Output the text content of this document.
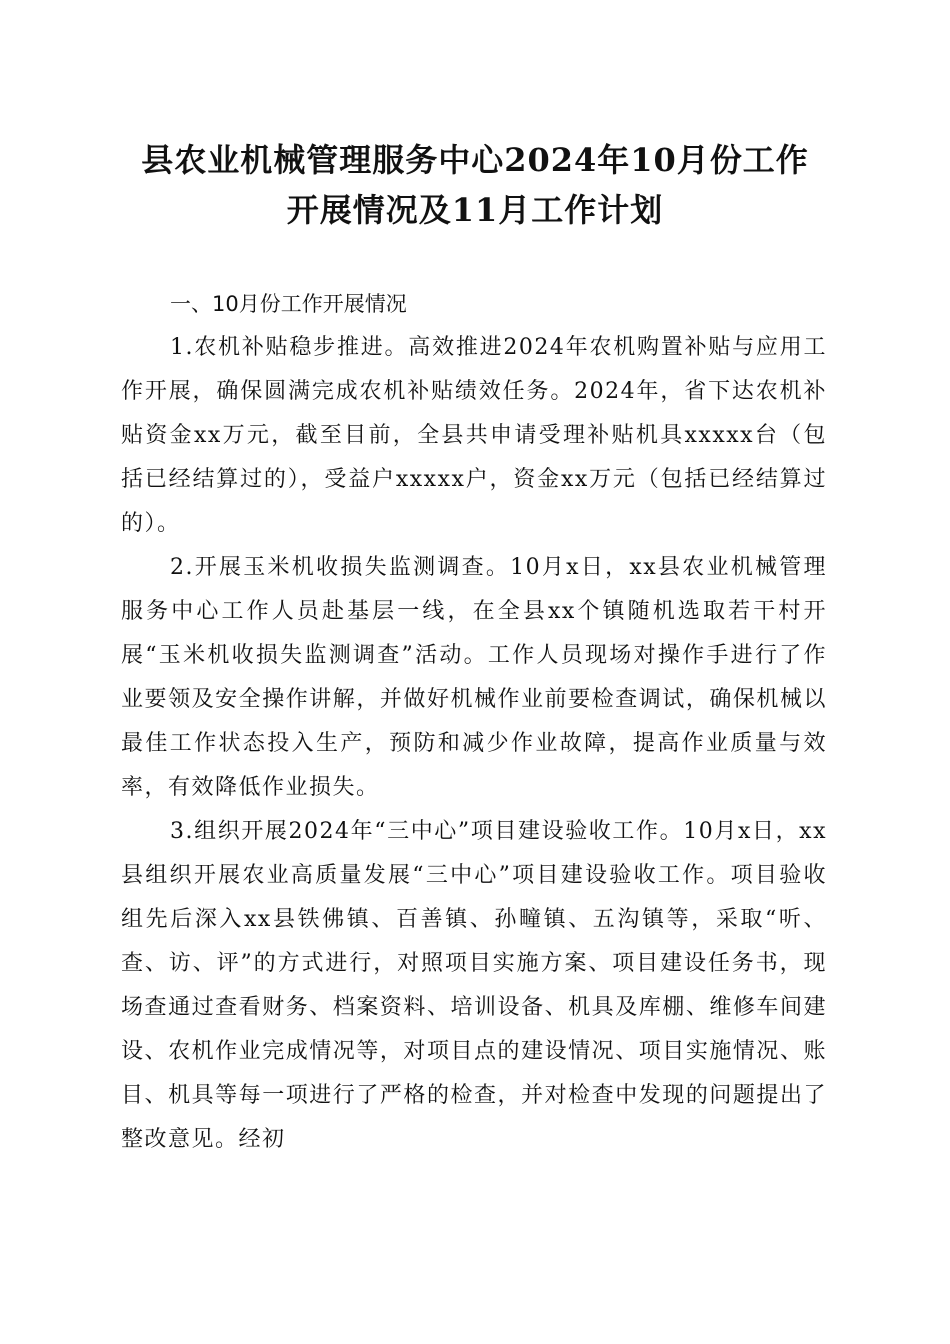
县农业机械管理服务中心2024年10月份工作
开展情况及11月工作计划

一、10月份工作开展情况

1.农机补贴稳步推进。高效推进2024年农机购置补贴与应用工作开展，确保圆满完成农机补贴绩效任务。2024年，省下达农机补贴资金xx万元，截至目前，全县共申请受理补贴机具xxxxx台（包括已经结算过的），受益户xxxxx户，资金xx万元（包括已经结算过的）。

2.开展玉米机收损失监测调查。10月x日，xx县农业机械管理服务中心工作人员赴基层一线，在全县xx个镇随机选取若干村开展“玉米机收损失监测调查”活动。工作人员现场对操作手进行了作业要领及安全操作讲解，并做好机械作业前要检查调试，确保机械以最佳工作状态投入生产，预防和减少作业故障，提高作业质量与效率，有效降低作业损失。

3.组织开展2024年“三中心”项目建设验收工作。10月x日，xx县组织开展农业高质量发展“三中心”项目建设验收工作。项目验收组先后深入xx县铁佛镇、百善镇、孙疃镇、五沟镇等，采取“听、查、访、评”的方式进行，对照项目实施方案、项目建设任务书，现场查通过查看财务、档案资料、培训设备、机具及库棚、维修车间建设、农机作业完成情况等，对项目点的建设情况、项目实施情况、账目、机具等每一项进行了严格的检查，并对检查中发现的问题提出了整改意见。经初
